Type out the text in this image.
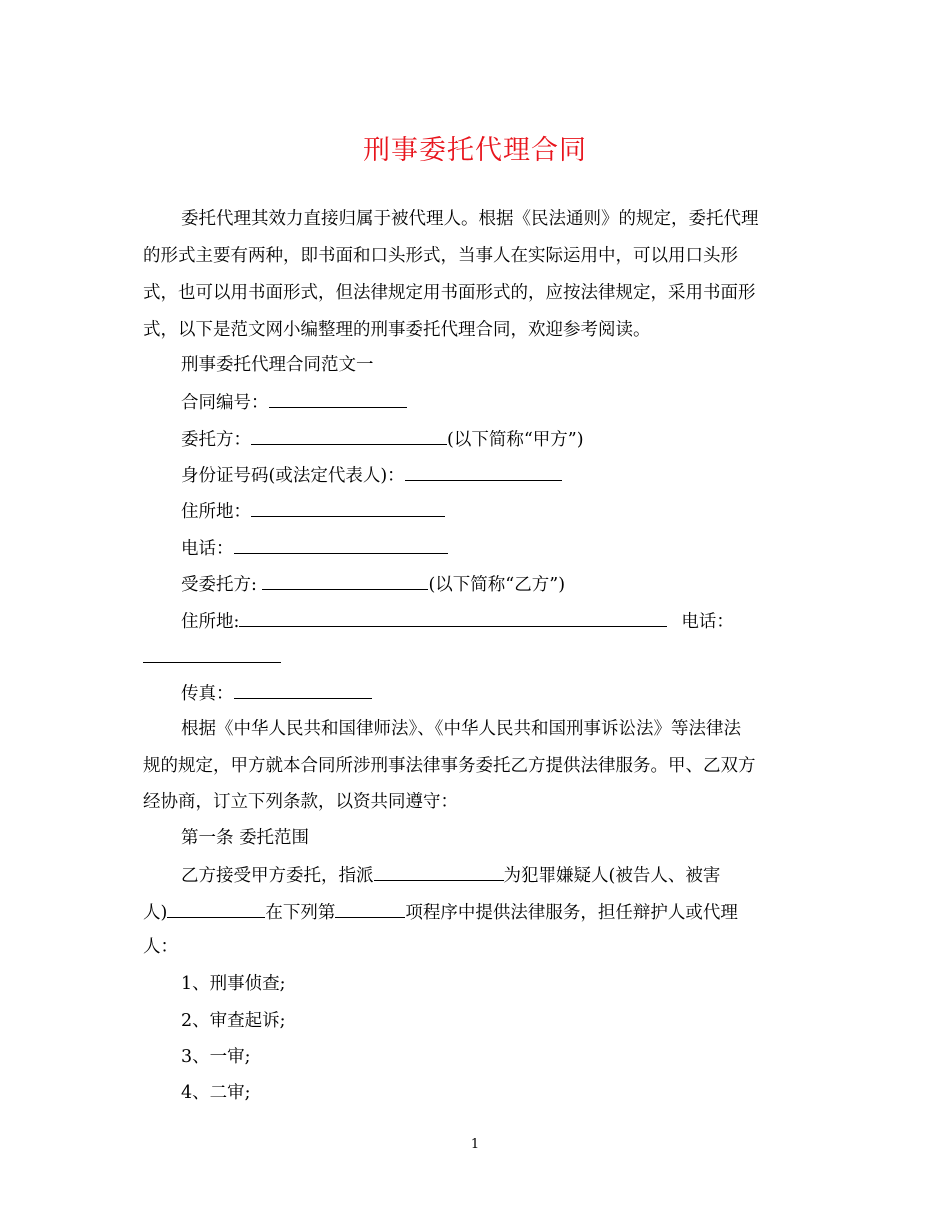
刑事委托代理合同
委托代理其效力直接归属于被代理人。根据《民法通则》的规定，委托代理
的形式主要有两种，即书面和口头形式，当事人在实际运用中，可以用口头形
式，也可以用书面形式，但法律规定用书面形式的，应按法律规定，采用书面形
式，以下是范文网小编整理的刑事委托代理合同，欢迎参考阅读。
刑事委托代理合同范文一
合同编号：
委托方：	(以下简称“甲方”)
身份证号码(或法定代表人)：
住所地：
电话：
受委托方:	(以下简称“乙方”)
住所地:	电话：
传真：
根据《中华人民共和国律师法》、《中华人民共和国刑事诉讼法》等法律法
规的规定，甲方就本合同所涉刑事法律事务委托乙方提供法律服务。甲、乙双方
经协商，订立下列条款，以资共同遵守：
第一条 委托范围
乙方接受甲方委托，指派	为犯罪嫌疑人(被告人、被害
人)	在下列第	项程序中提供法律服务，担任辩护人或代理
人：
1、刑事侦查;
2、审查起诉;
3、一审;
4、二审;
1
